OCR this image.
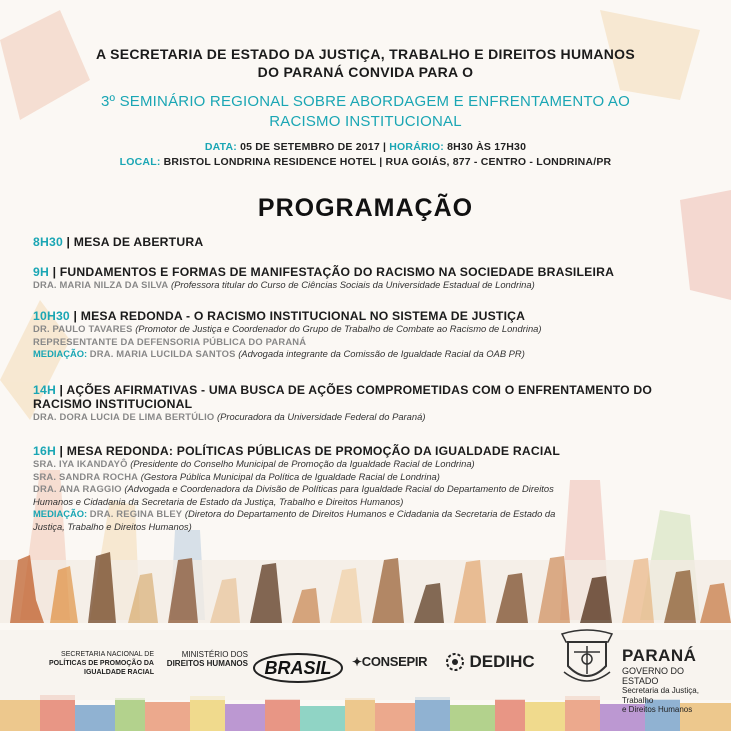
A SECRETARIA DE ESTADO DA JUSTIÇA, TRABALHO E DIREITOS HUMANOS
DO PARANÁ CONVIDA PARA O
3º SEMINÁRIO REGIONAL SOBRE ABORDAGEM E ENFRENTAMENTO AO
RACISMO INSTITUCIONAL
DATA: 05 DE SETEMBRO DE 2017 | HORÁRIO: 8H30 ÀS 17H30
LOCAL: BRISTOL LONDRINA RESIDENCE HOTEL | RUA GOIÁS, 877 - CENTRO - LONDRINA/PR
PROGRAMAÇÃO
8H30 | MESA DE ABERTURA
9H | FUNDAMENTOS E FORMAS DE MANIFESTAÇÃO DO RACISMO NA SOCIEDADE BRASILEIRA
DRA. MARIA NILZA DA SILVA (Professora titular do Curso de Ciências Sociais da Universidade Estadual de Londrina)
10H30 | MESA REDONDA - O RACISMO INSTITUCIONAL NO SISTEMA DE JUSTIÇA
DR. PAULO TAVARES (Promotor de Justiça e Coordenador do Grupo de Trabalho de Combate ao Racismo de Londrina)
REPRESENTANTE DA DEFENSORIA PÚBLICA DO PARANÁ
MEDIAÇÃO: DRA. MARIA LUCILDA SANTOS (Advogada integrante da Comissão de Igualdade Racial da OAB PR)
14H | AÇÕES AFIRMATIVAS - UMA BUSCA DE AÇÕES COMPROMETIDAS COM O ENFRENTAMENTO DO
RACISMO INSTITUCIONAL
DRA. DORA LUCIA DE LIMA BERTÚLIO (Procuradora da Universidade Federal do Paraná)
16H | MESA REDONDA: POLÍTICAS PÚBLICAS DE PROMOÇÃO DA IGUALDADE RACIAL
SRA. IYA IKANDAYÔ (Presidente do Conselho Municipal de Promoção da Igualdade Racial de Londrina)
SRA. SANDRA ROCHA (Gestora Pública Municipal da Política de Igualdade Racial de Londrina)
DRA. ANA RAGGIO (Advogada e Coordenadora da Divisão de Políticas para Igualdade Racial do Departamento de Direitos
Humanos e Cidadania da Secretaria de Estado da Justiça, Trabalho e Direitos Humanos)
MEDIAÇÃO: DRA. REGINA BLEY (Diretora do Departamento de Direitos Humanos e Cidadania da Secretaria de Estado da
Justiça, Trabalho e Direitos Humanos)
SECRETARIA NACIONAL DE
POLÍTICAS DE PROMOÇÃO DA
IGUALDADE RACIAL
MINISTÉRIO DOS
DIREITOS HUMANOS BRASIL ✦CONSEPIR	DEDIHC	PARANÁ
GOVERNO DO ESTADO
Secretaria da Justiça, Trabalho
e Direitos Humanos
